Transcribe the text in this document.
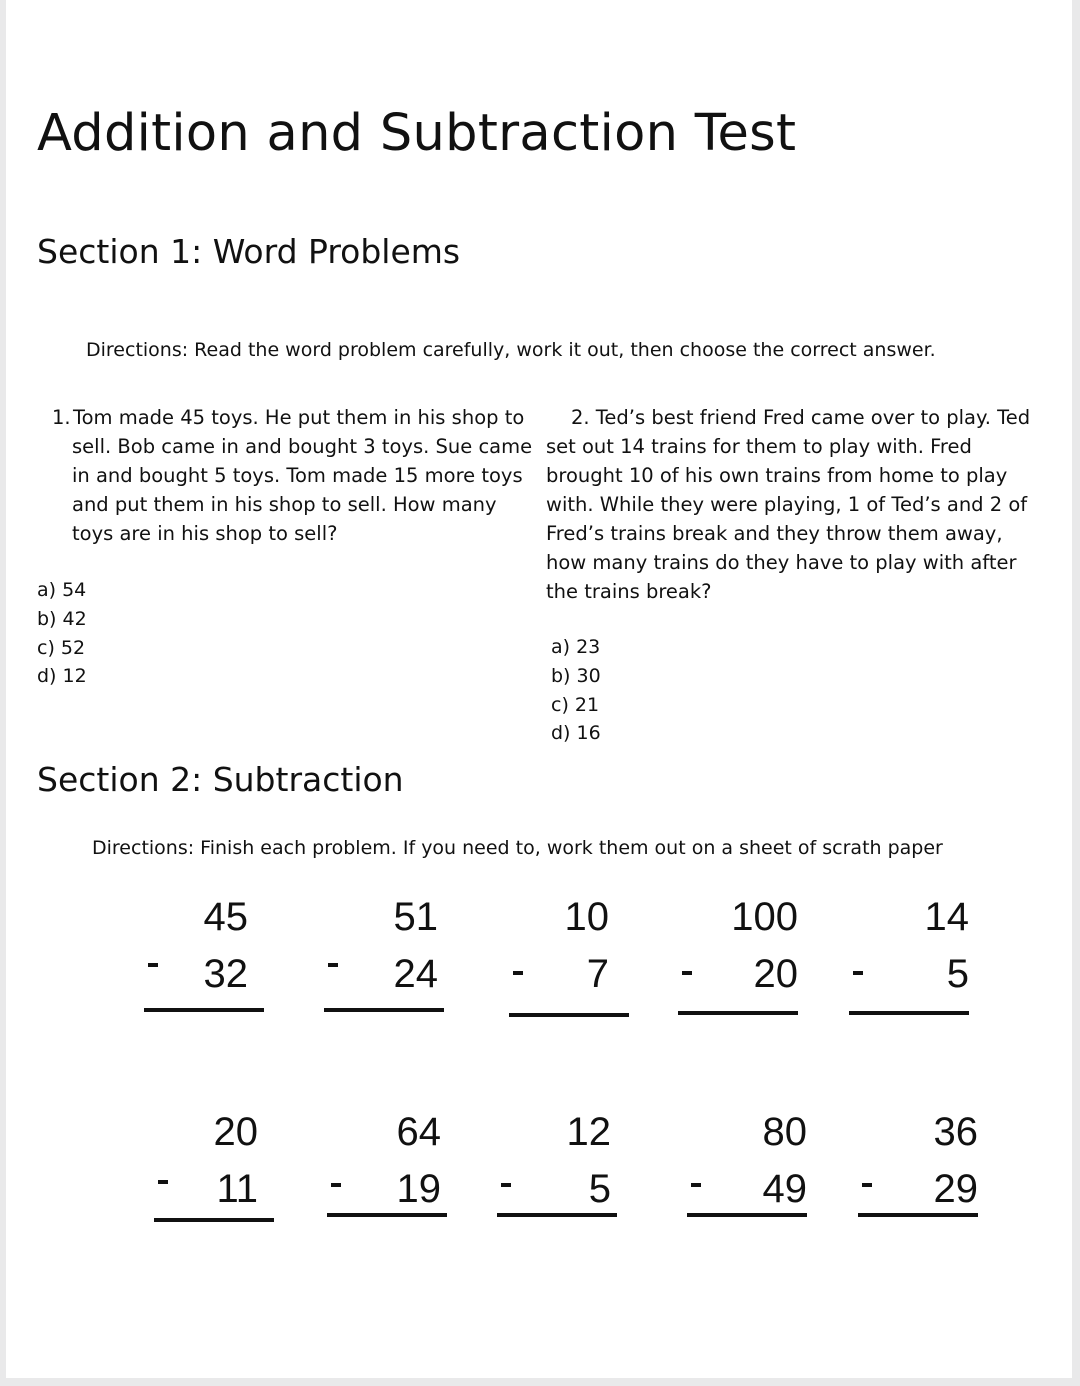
Addition and Subtraction Test
Section 1: Word Problems
Directions: Read the word problem carefully, work it out, then choose the correct answer.
1. Tom made 45 toys. He put them in his shop to sell. Bob came in and bought 3 toys. Sue came in and bought 5 toys. Tom made 15 more toys and put them in his shop to sell. How many toys are in his shop to sell?
2. Ted’s best friend Fred came over to play. Ted set out 14 trains for them to play with. Fred brought 10 of his own trains from home to play with. While they were playing, 1 of Ted’s and 2 of Fred’s trains break and they throw them away, how many trains do they have to play with after the trains break?
a) 54
b) 42
c) 52
d) 12
a) 23
b) 30
c) 21
d) 16
Section 2: Subtraction
Directions: Finish each problem. If you need to, work them out on a sheet of scrath paper
45
32
51
24
10
7
100
20
14
5
20
11
64
19
12
5
80
49
36
29
